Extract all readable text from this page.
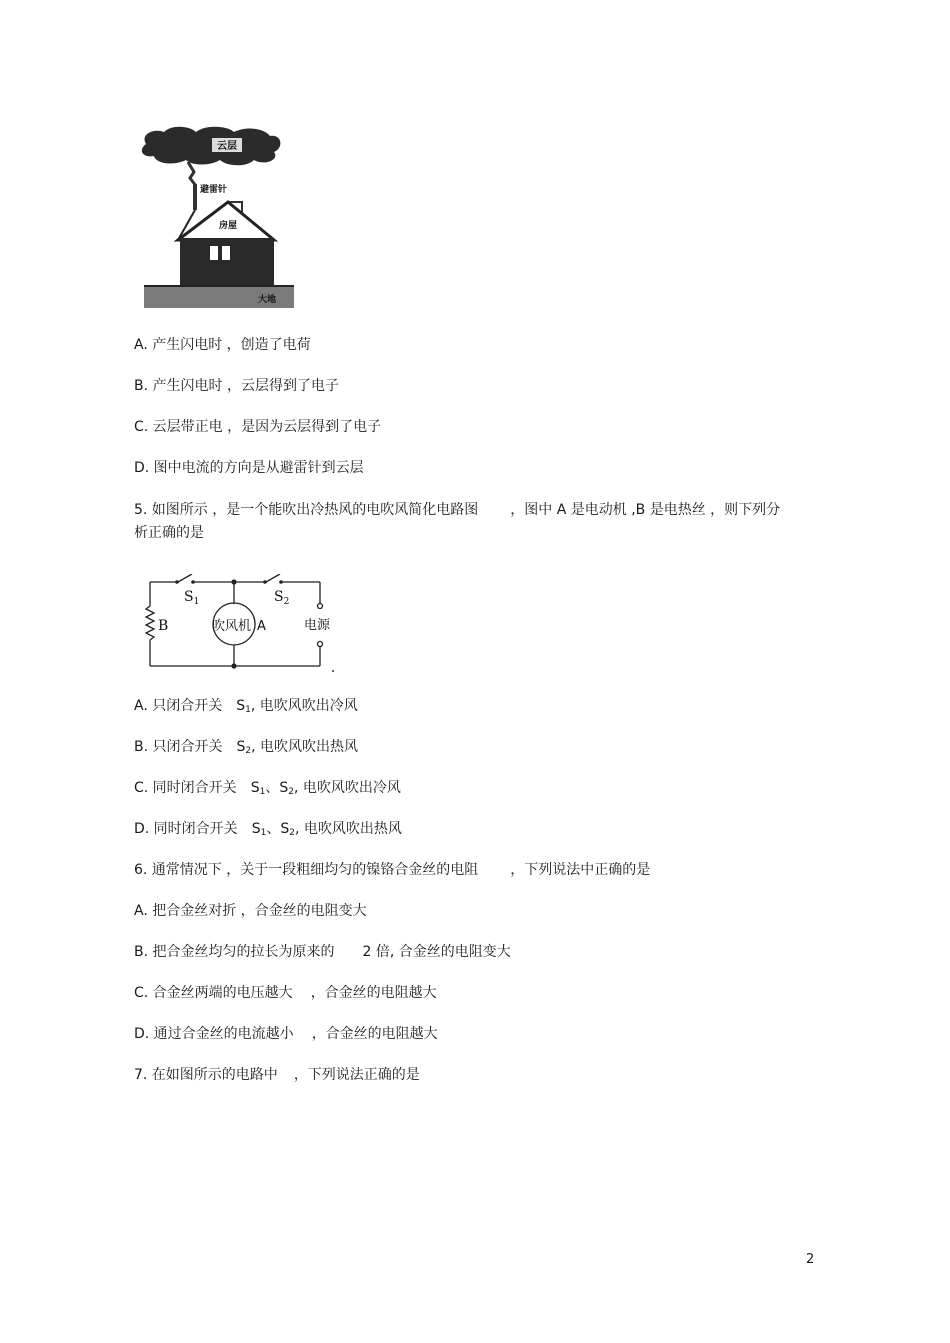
云层
避雷针
房屋
大地
A. 产生闪电时 ，创造了电荷
B. 产生闪电时 ，云层得到了电子
C. 云层带正电 ，是因为云层得到了电子
D. 图中电流的方向是从避雷针到云层
5. 如图所示 ，是一个能吹出冷热风的电吹风简化电路图 ，图中 A 是电动机 ,B 是电热丝 ，则下列分
析正确的是
$S_1$	$S_2$
B	吹风机 A	电源
A. 只闭合开关 $S_1$, 电吹风吹出冷风
B. 只闭合开关 $S_2$, 电吹风吹出热风
C. 同时闭合开关 $S_1$、$S_2$, 电吹风吹出冷风
D. 同时闭合开关 $S_1$、$S_2$, 电吹风吹出热风
6. 通常情况下 ，关于一段粗细均匀的镍铬合金丝的电阻 ，下列说法中正确的是
A. 把合金丝对折 ，合金丝的电阻变大
B. 把合金丝均匀的拉长为原来的 2 倍, 合金丝的电阻变大
C. 合金丝两端的电压越大 ，合金丝的电阻越大
D. 通过合金丝的电流越小 ，合金丝的电阻越大
7. 在如图所示的电路中 ，下列说法正确的是
2
